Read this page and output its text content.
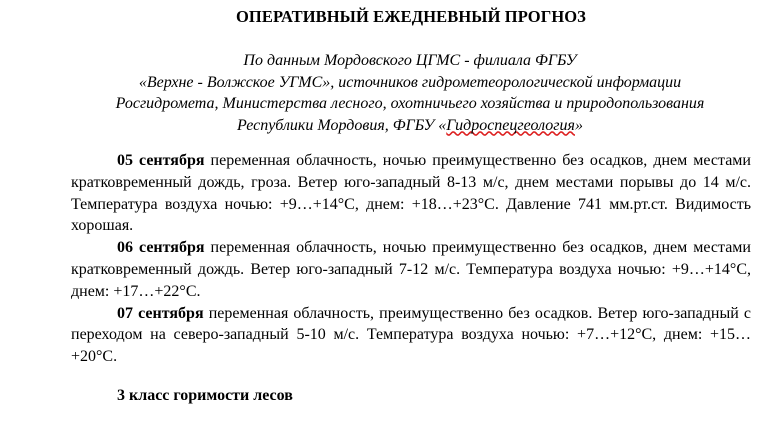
ОПЕРАТИВНЫЙ ЕЖЕДНЕВНЫЙ ПРОГНОЗ
По данным Мордовского ЦГМС - филиала ФГБУ
«Верхне - Волжское УГМС», источников гидрометеорологической информации
Росгидромета, Министерства лесного, охотничьего хозяйства и природопользования
Республики Мордовия, ФГБУ «Гидроспецгеология»

05 сентября переменная облачность, ночью преимущественно без осадков, днем местами кратковременный дождь, гроза. Ветер юго-западный 8-13 м/с, днем местами порывы до 14 м/с. Температура воздуха ночью: +9…+14°С, днем: +18…+23°С. Давление 741 мм.рт.ст. Видимость хорошая.

06 сентября переменная облачность, ночью преимущественно без осадков, днем местами кратковременный дождь. Ветер юго-западный 7-12 м/с. Температура воздуха ночью: +9…+14°С, днем: +17…+22°С.

07 сентября переменная облачность, преимущественно без осадков. Ветер юго-западный с переходом на северо-западный 5-10 м/с. Температура воздуха ночью: +7…+12°С, днем: +15…+20°С.

3 класс горимости лесов
